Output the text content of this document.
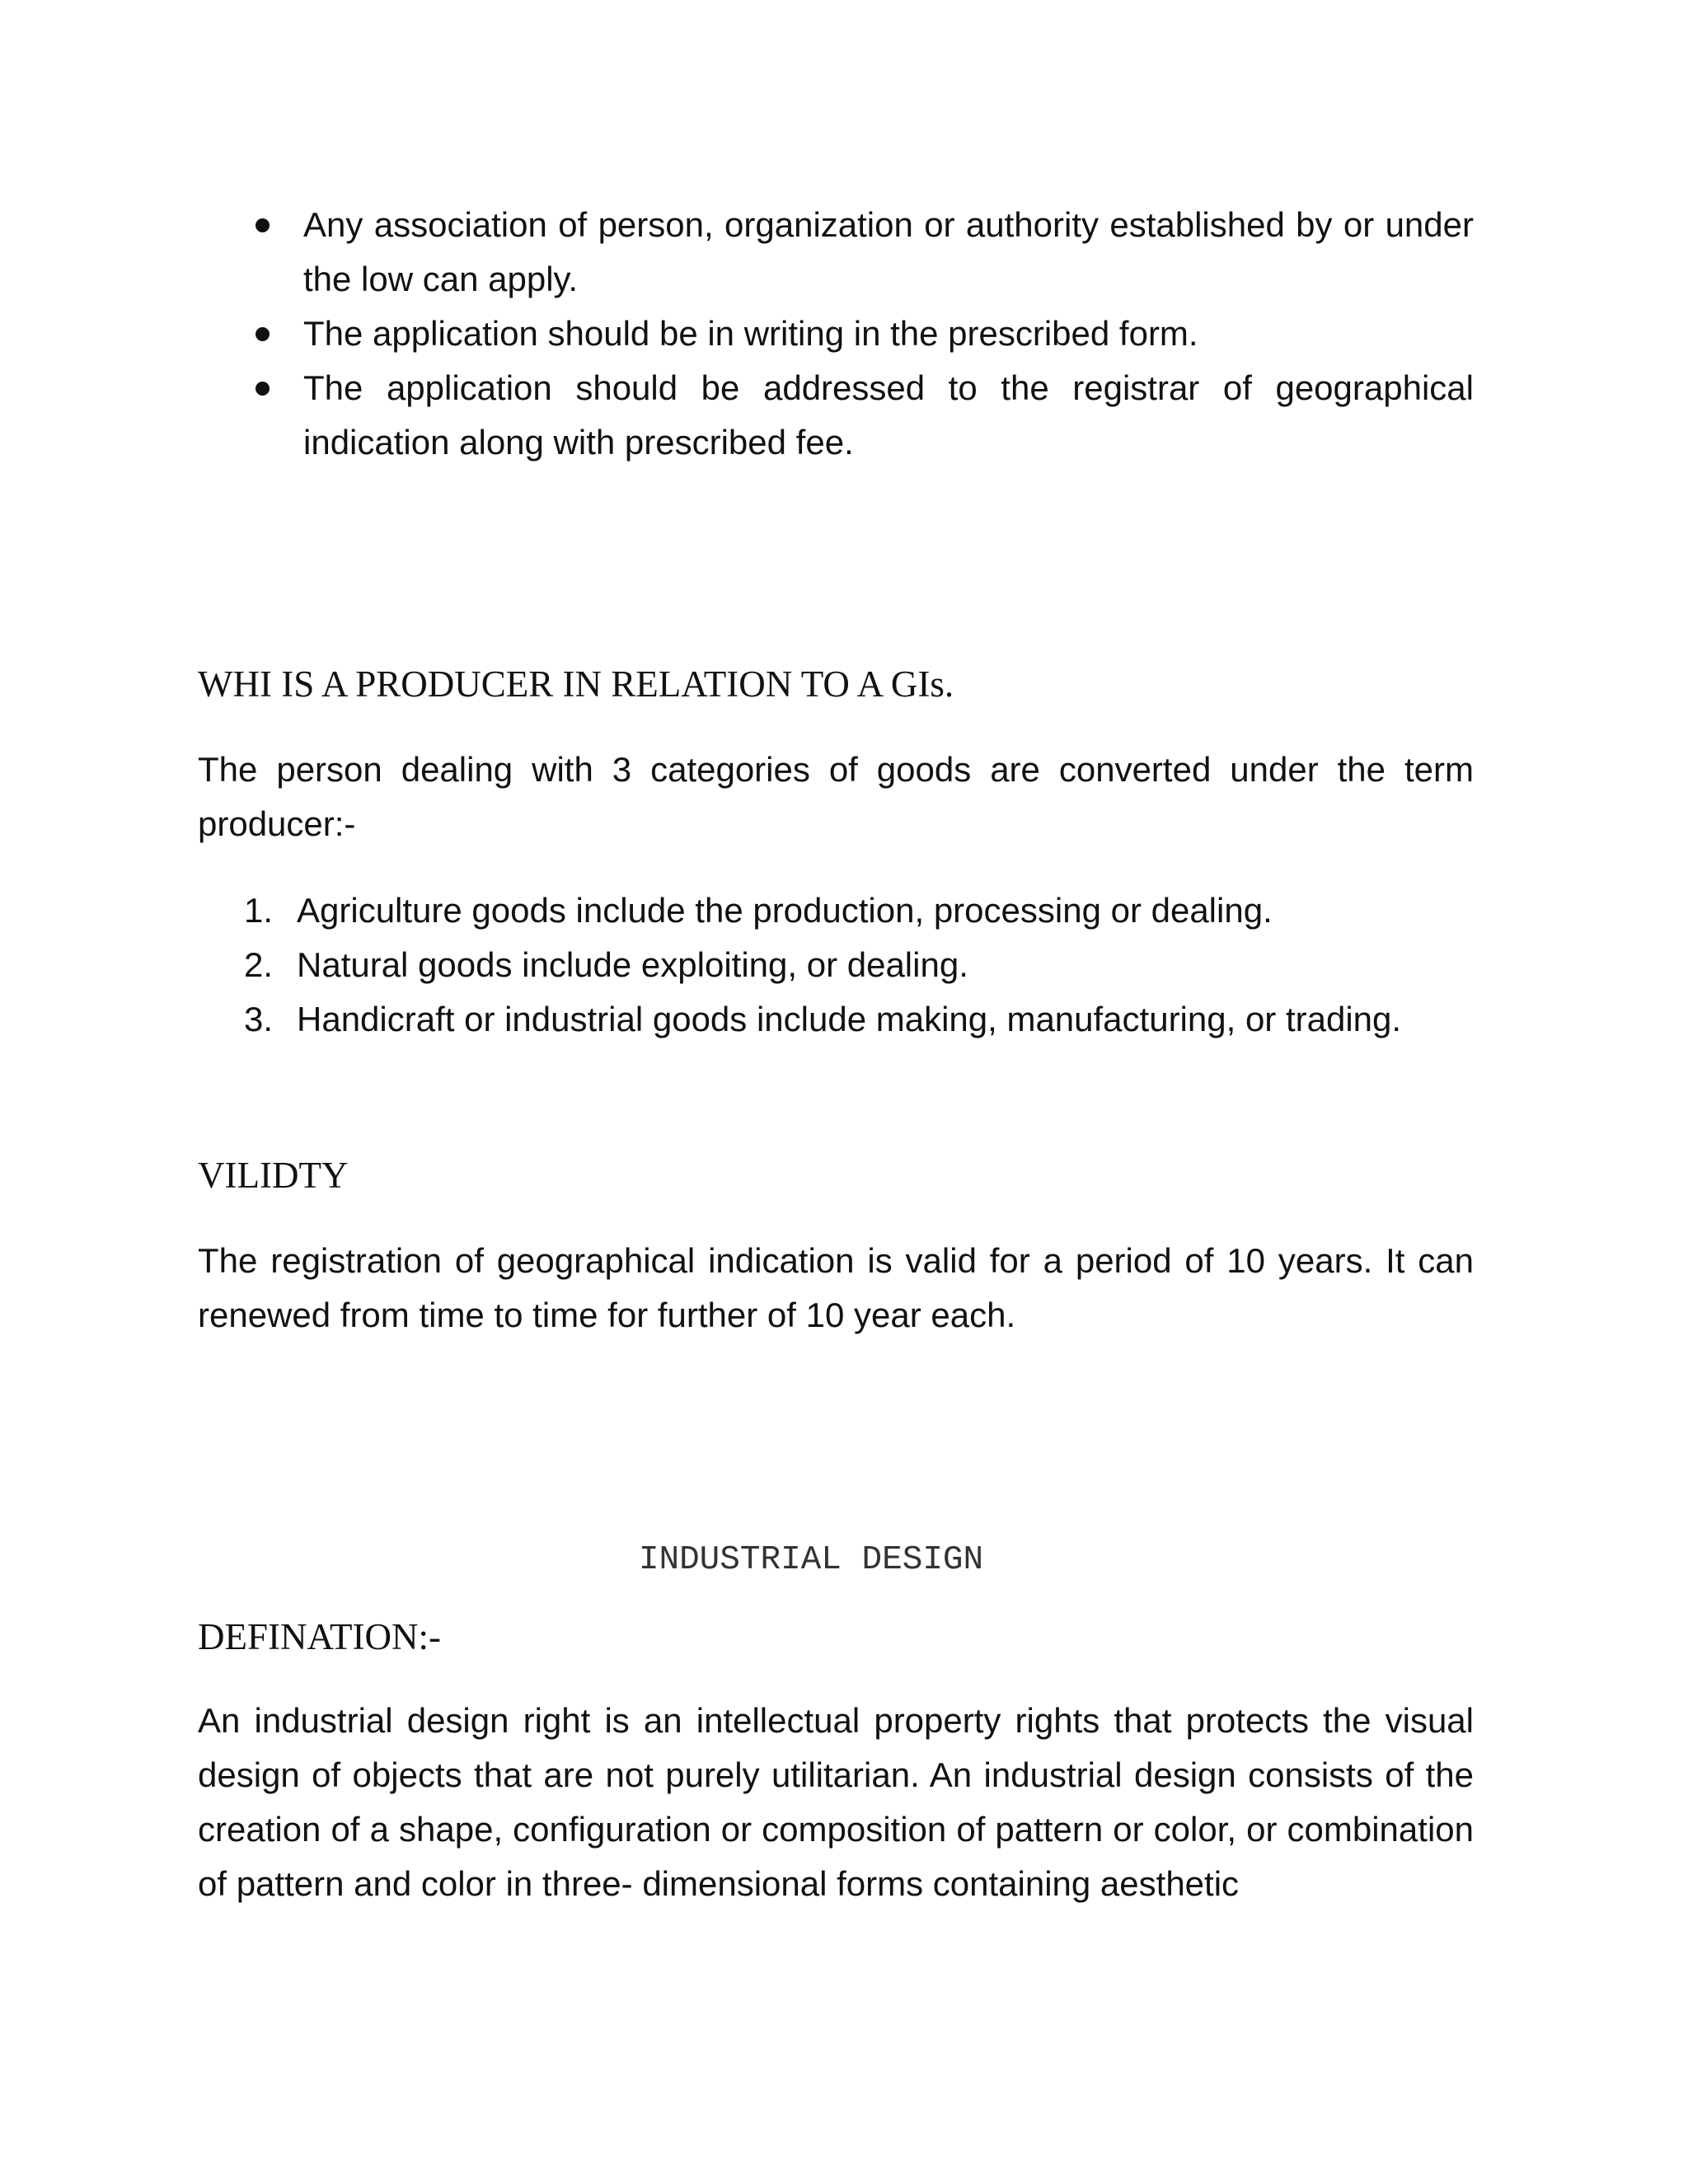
Any association of person, organization or authority established by or under the low can apply.
The application should be in writing in the prescribed form.
The application should be addressed to the registrar of geographical indication along with prescribed fee.
WHI IS A PRODUCER IN RELATION TO A GIs.

The person dealing with 3 categories of goods are converted under the term producer:-

1. Agriculture goods include the production, processing or dealing.
2. Natural goods include exploiting, or dealing.
3. Handicraft or industrial goods include making, manufacturing, or trading.
VILIDTY

The registration of geographical indication is valid for a period of 10 years. It can renewed from time to time for further of 10 year each.

INDUSTRIAL DESIGN
DEFINATION:-

An industrial design right is an intellectual property rights that protects the visual design of objects that are not purely utilitarian. An industrial design consists of the creation of a shape, configuration or composition of pattern or color, or combination of pattern and color in three- dimensional forms containing aesthetic
